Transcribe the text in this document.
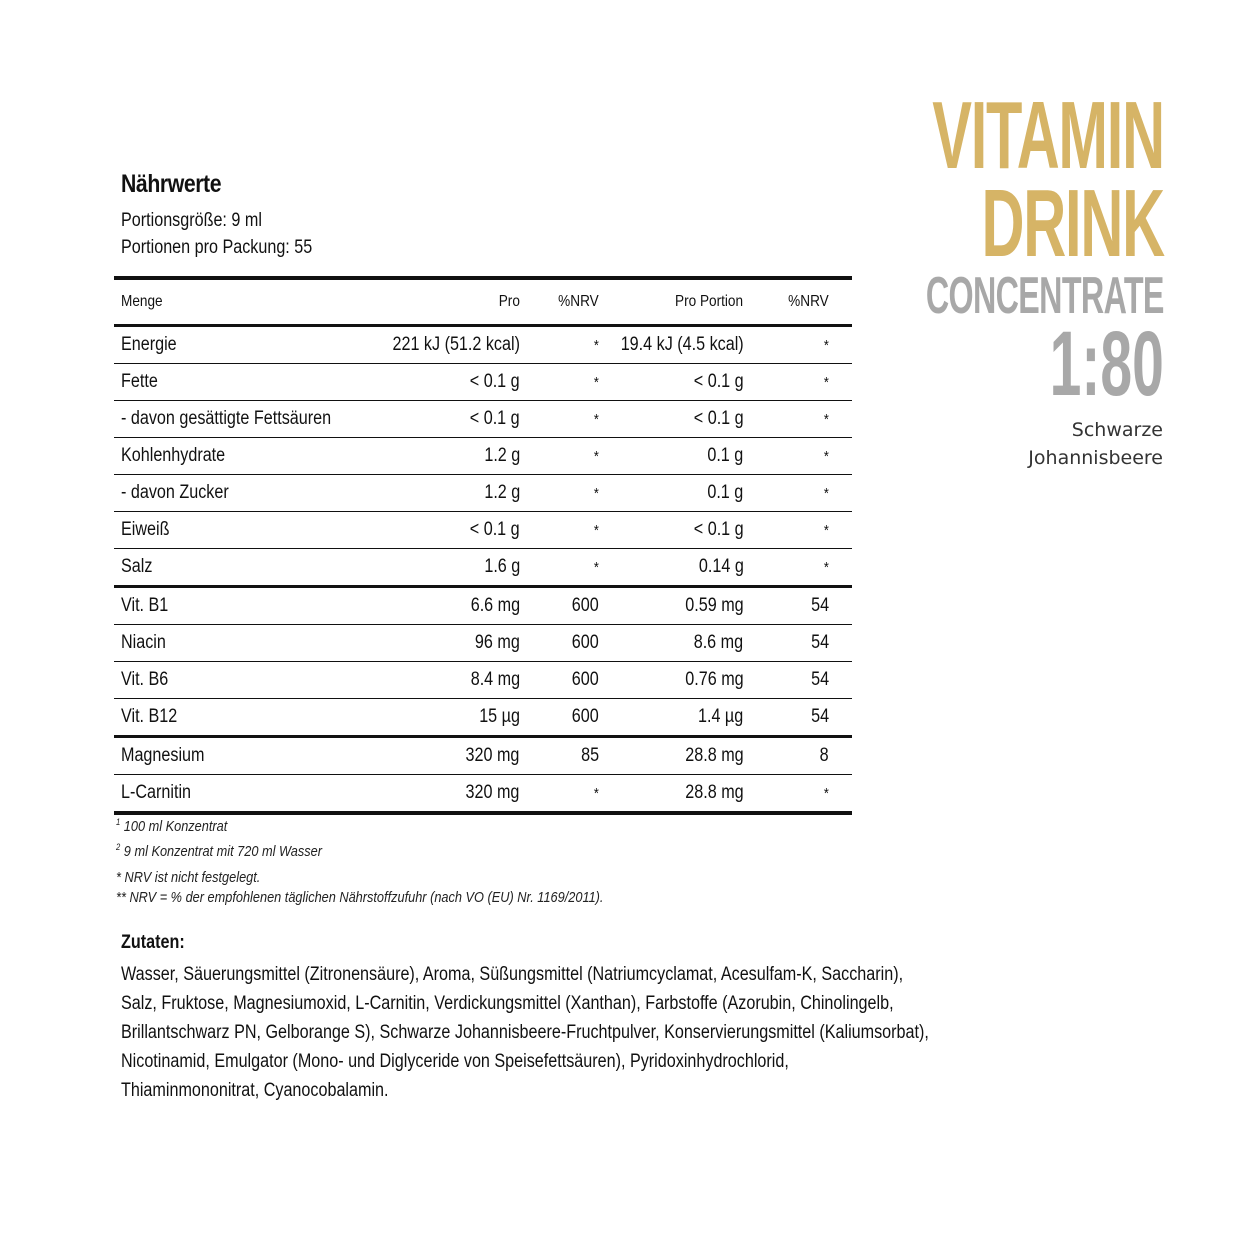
Nährwerte
Portionsgröße: 9 ml
Portionen pro Packung: 55
Menge	Pro	%NRV	Pro Portion	%NRV
Energie	221 kJ (51.2 kcal)	*	19.4 kJ (4.5 kcal)	*
Fette	< 0.1 g	*	< 0.1 g	*
- davon gesättigte Fettsäuren	< 0.1 g	*	< 0.1 g	*
Kohlenhydrate	1.2 g	*	0.1 g	*
- davon Zucker	1.2 g	*	0.1 g	*
Eiweiß	< 0.1 g	*	< 0.1 g	*
Salz	1.6 g	*	0.14 g	*
Vit. B1	6.6 mg	600	0.59 mg	54
Niacin	96 mg	600	8.6 mg	54
Vit. B6	8.4 mg	600	0.76 mg	54
Vit. B12	15 µg	600	1.4 µg	54
Magnesium	320 mg	85	28.8 mg	8
L-Carnitin	320 mg	*	28.8 mg	*
$^1$ 100 ml Konzentrat
$^2$ 9 ml Konzentrat mit 720 ml Wasser
* NRV ist nicht festgelegt.
** NRV = % der empfohlenen täglichen Nährstoffzufuhr (nach VO (EU) Nr. 1169/2011).
Zutaten:
Wasser, Säuerungsmittel (Zitronensäure), Aroma, Süßungsmittel (Natriumcyclamat, Acesulfam-K, Saccharin),
Salz, Fruktose, Magnesiumoxid, L-Carnitin, Verdickungsmittel (Xanthan), Farbstoffe (Azorubin, Chinolingelb,
Brillantschwarz PN, Gelborange S), Schwarze Johannisbeere-Fruchtpulver, Konservierungsmittel (Kaliumsorbat),
Nicotinamid, Emulgator (Mono- und Diglyceride von Speisefettsäuren), Pyridoxinhydrochlorid,
Thiaminmononitrat, Cyanocobalamin.
VITAMIN
DRINK
CONCENTRATE
1:80
Schwarze
Johannisbeere
